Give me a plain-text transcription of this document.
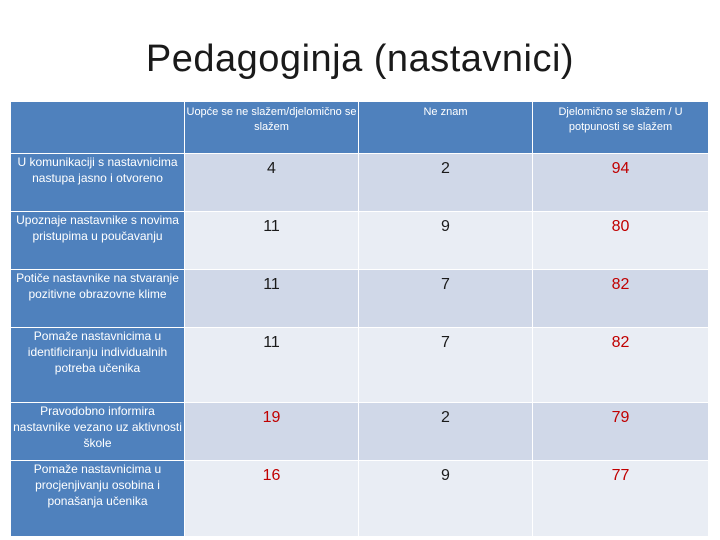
Pedagoginja (nastavnici)
	Uopće se ne slažem/djelomično se slažem	Ne znam	Djelomično se slažem / U potpunosti se slažem
U komunikaciji s nastavnicima nastupa jasno i otvoreno	4	2	94
Upoznaje nastavnike s novima pristupima u poučavanju	11	9	80
Potiče nastavnike na stvaranje pozitivne obrazovne klime	11	7	82
Pomaže nastavnicima u identificiranju individualnih potreba učenika	11	7	82
Pravodobno informira nastavnike vezano uz aktivnosti škole	19	2	79
Pomaže nastavnicima u procjenjivanju osobina i ponašanja učenika	16	9	77
